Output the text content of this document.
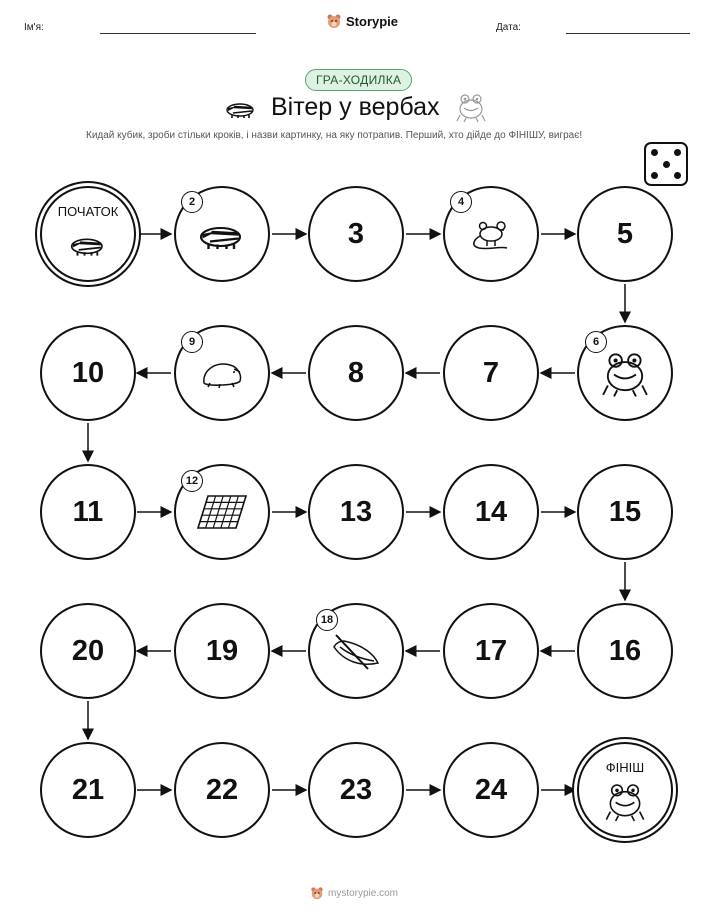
Ім'я:	Storypie	Дата:
ГРА-ХОДИЛКА
Вітер у вербах
Кидай кубик, зроби стільки кроків, і назви картинку, на яку потрапив. Перший, хто дійде до ФІНІШУ, виграє!
ПОЧАТОК
2
3
4
5
6
7
8
9
10
11
12
13	14	15
16
17
18
19
20
21	22	23	24
ФІНІШ
mystorypie.com
